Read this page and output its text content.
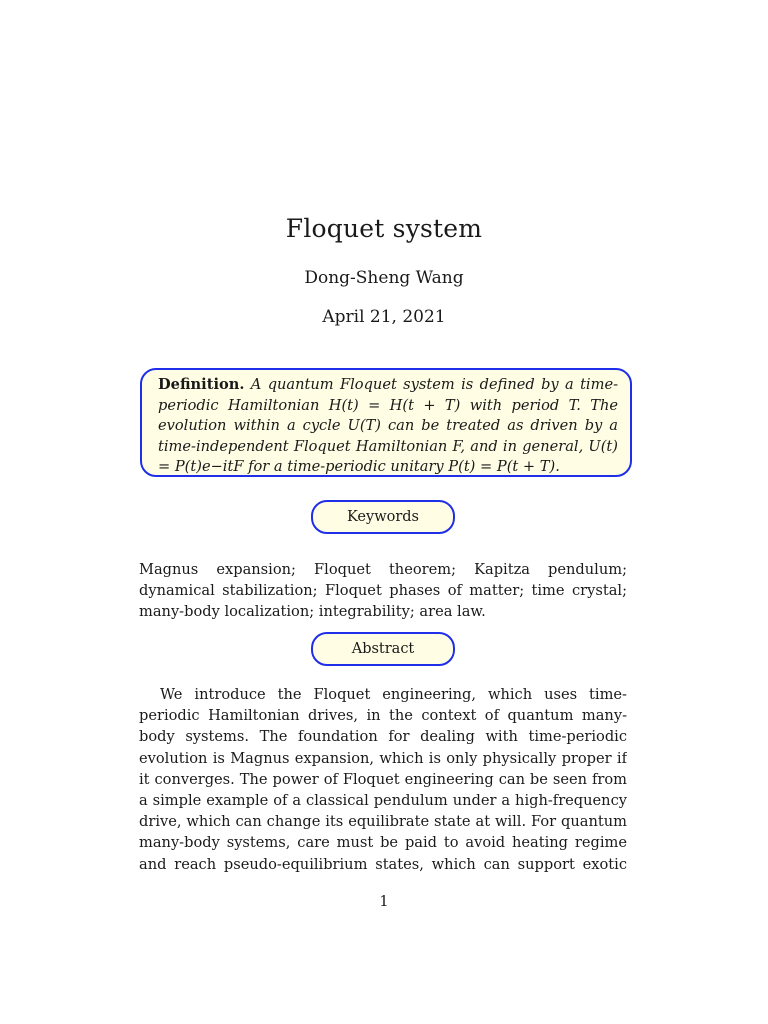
Floquet system
Dong-Sheng Wang
April 21, 2021
Definition. A quantum Floquet system is defined by a time-periodic Hamiltonian H(t) = H(t + T) with period T. The evolution within a cycle U(T) can be treated as driven by a time-independent Floquet Hamiltonian F, and in general, U(t) = P(t)e−itF for a time-periodic unitary P(t) = P(t + T).
Keywords
Magnus expansion; Floquet theorem; Kapitza pendulum; dynamical stabilization; Floquet phases of matter; time crystal; many-body localization; integrability; area law.
Abstract
We introduce the Floquet engineering, which uses time-periodic Hamiltonian drives, in the context of quantum many-body systems. The foundation for dealing with time-periodic evolution is Magnus expansion, which is only physically proper if it converges. The power of Floquet engineering can be seen from a simple example of a classical pendulum under a high-frequency drive, which can change its equilibrate state at will. For quantum many-body systems, care must be paid to avoid heating regime and reach pseudo-equilibrium states, which can support exotic
1
